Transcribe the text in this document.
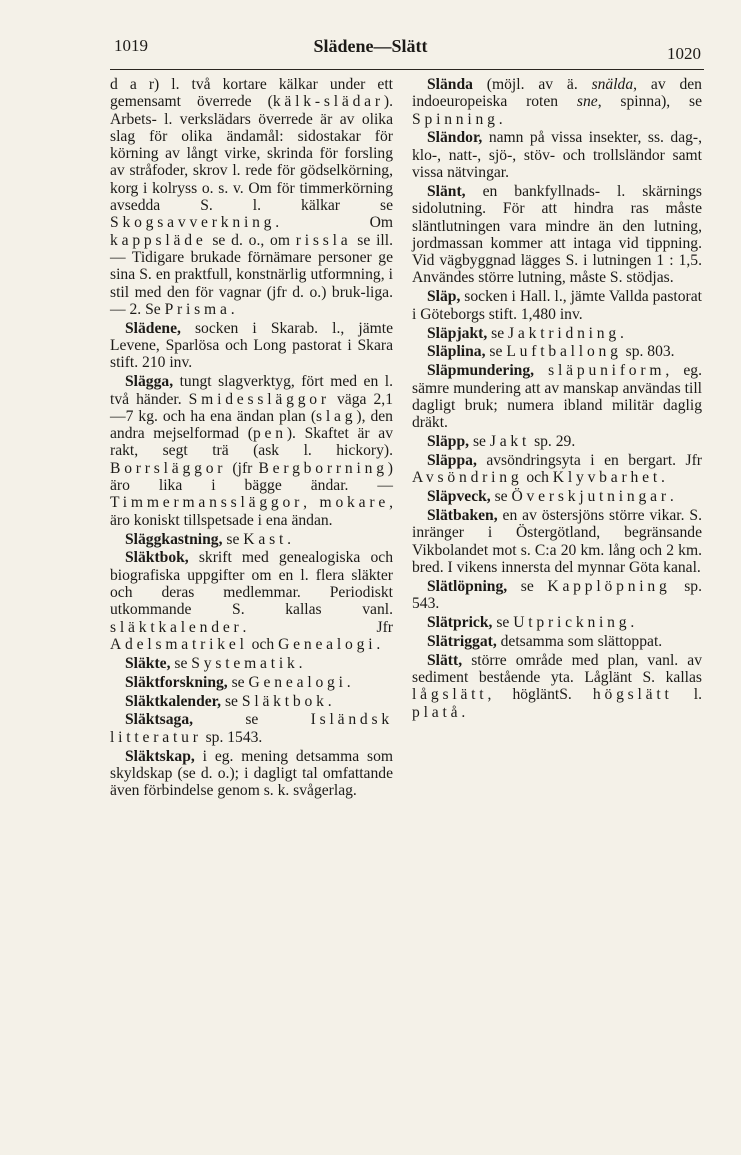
1019	Slädene—Slätt	1020

d a r) l. två kortare kälkar under ett gemensamt överrede (kälk-slädar). Arbets- l. verkslädars överrede är av olika slag för olika ändamål: sidostakar för körning av långt virke, skrinda för forsling av stråfoder, skrov l. rede för gödselkörning, korg i kolryss o. s. v. Om för timmerkörning avsedda S. l. kälkar se Skogsavverkning. Om kappsläde se d. o., om rissla se ill. — Tidigare brukade förnämare personer ge sina S. en praktfull, konstnärlig utformning, i stil med den för vagnar (jfr d. o.) bruk-liga. — 2. Se Prisma.

Slädene, socken i Skarab. l., jämte Levene, Sparlösa och Long pastorat i Skara stift. 210 inv.

Slägga, tungt slagverktyg, fört med en l. två händer. Smidessläggor väga 2,1—7 kg. och ha ena ändan plan (slag), den andra mejselformad (pen). Skaftet är av rakt, segt trä (ask l. hickory). Borrsläggor (jfr Bergborrning) äro lika i bägge ändar. — Timmermanssläggor, mokare, äro koniskt tillspetsade i ena ändan.

Släggkastning, se Kast.

Släktbok, skrift med genealogiska och biografiska uppgifter om en l. flera släkter och deras medlemmar. Periodiskt utkommande S. kallas vanl. släktkalender. Jfr Adelsmatrikel och Genealogi.

Släkte, se Systematik.

Släktforskning, se Genealogi.

Släktkalender, se Släktbok.

Släktsaga, se Isländsk litteratur sp. 1543.

Släktskap, i eg. mening detsamma som skyldskap (se d. o.); i dagligt tal omfattande även förbindelse genom s. k. svågerlag.

Slända (möjl. av ä. snälda, av den indoeuropeiska roten sne, spinna), se Spinning.

Sländor, namn på vissa insekter, ss. dag-, klo-, natt-, sjö-, stöv- och trollsländor samt vissa nätvingar.

Slänt, en bankfyllnads- l. skärnings sidolutning. För att hindra ras måste släntlutningen vara mindre än den lutning, jordmassan kommer att intaga vid tippning. Vid vägbyggnad lägges S. i lutningen 1 : 1,5. Användes större lutning, måste S. stödjas.

Släp, socken i Hall. l., jämte Vallda pastorat i Göteborgs stift. 1,480 inv.

Släpjakt, se Jaktridning.

Släplina, se Luftballong sp. 803.

Släpmundering, släpuniform, eg. sämre mundering att av manskap användas till dagligt bruk; numera ibland militär daglig dräkt.

Släpp, se Jakt sp. 29.

Släppa, avsöndringsyta i en bergart. Jfr Avsöndring och Klyvbarhet.

Släpveck, se Överskjutningar.

Slätbaken, en av östersjöns större vikar. S. inränger i Östergötland, begränsande Vikbolandet mot s. C:a 20 km. lång och 2 km. bred. I vikens innersta del mynnar Göta kanal.

Slätlöpning, se Kapplöpning sp. 543.

Slätprick, se Utprickning.

Slätriggat, detsamma som slättoppat.

Slätt, större område med plan, vanl. av sediment bestående yta. Låglänt S. kallas lågslätt, högläntS. högslätt l. platå.
